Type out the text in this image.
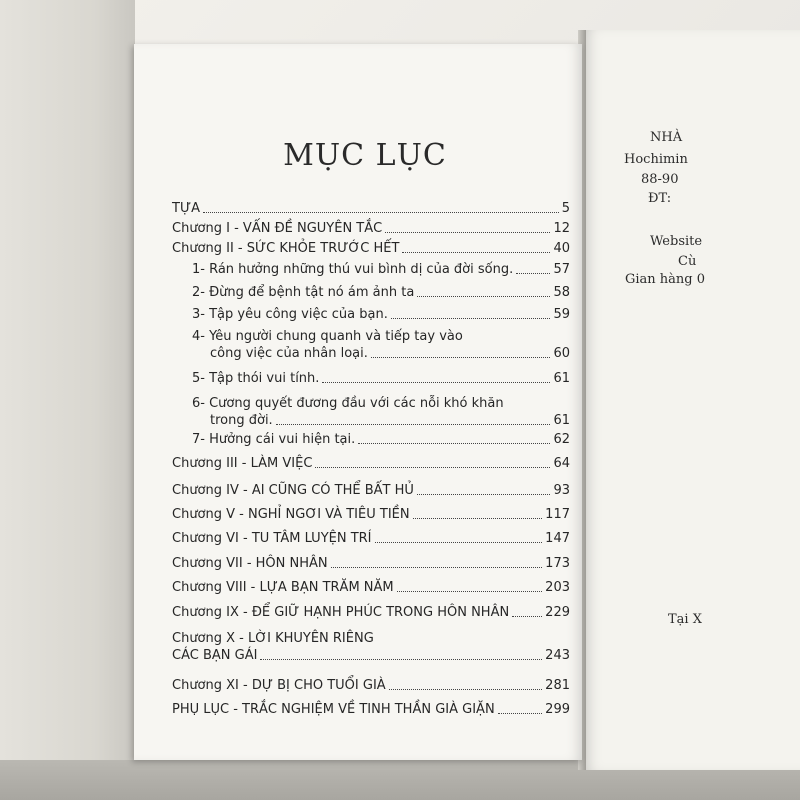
MỤC LỤC
TỰA	5
Chương I - VẤN ĐỀ NGUYÊN TẮC	12
Chương II - SỨC KHỎE TRƯỚC HẾT	40
1- Rán hưởng những thú vui bình dị của đời sống.	57
2- Đừng để bệnh tật nó ám ảnh ta	58
3- Tập yêu công việc của bạn.	59
4- Yêu người chung quanh và tiếp tay vào
công việc của nhân loại.	60
5- Tập thói vui tính.	61
6- Cương quyết đương đầu với các nỗi khó khăn
trong đời.	61
7- Hưởng cái vui hiện tại.	62
Chương III - LÀM VIỆC	64
Chương IV - AI CŨNG CÓ THỂ BẤT HỦ	93
Chương V - NGHỈ NGƠI VÀ TIÊU TIỀN	117
Chương VI - TU TÂM LUYỆN TRÍ	147
Chương VII - HÔN NHÂN	173
Chương VIII - LỰA BẠN TRĂM NĂM	203
Chương IX - ĐỂ GIỮ HẠNH PHÚC TRONG HÔN NHÂN	229
Chương X - LỜI KHUYÊN RIÊNG
CÁC BẠN GÁI	243
Chương XI - DỰ BỊ CHO TUỔI GIÀ	281
PHỤ LỤC - TRẮC NGHIỆM VỀ TINH THẦN GIÀ GIẶN	299
NHÀ
Hochimin
88-90
ĐT:
Website
Cù
Gian hàng 0
Tại X
